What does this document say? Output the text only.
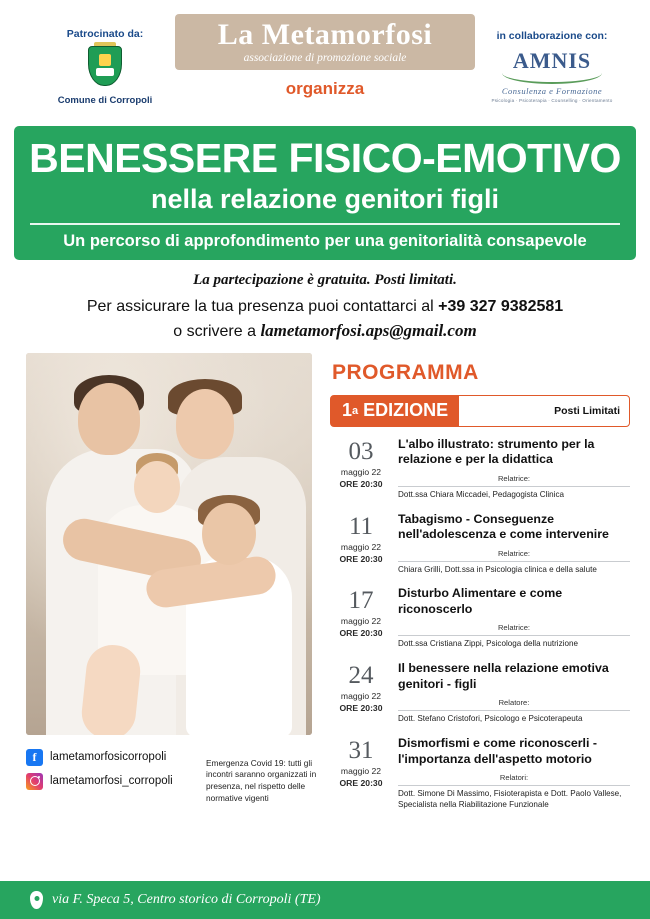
Patrocinato da:
Comune di Corropoli
La Metamorfosi
associazione di promozione sociale
organizza
in collaborazione con:
AMNIS
Consulenza e Formazione
Psicologia · Psicoterapia · Counselling · Orientamento
BENESSERE FISICO-EMOTIVO
nella relazione genitori figli
Un percorso di approfondimento per una genitorialità consapevole
La partecipazione è gratuita. Posti limitati.
Per assicurare la tua presenza puoi contattarci al +39 327 9382581
o scrivere a lametamorfosi.aps@gmail.com
f	lametamorfosicorropoli
lametamorfosi_corropoli
Emergenza Covid 19: tutti gli incontri saranno organizzati in presenza, nel rispetto delle normative vigenti
PROGRAMMA
1 a
EDIZIONE	Posti Limitati
03
maggio 22
ORE 20:30
L'albo illustrato: strumento per la relazione e per la didattica
Relatrice:
Dott.ssa Chiara Miccadei, Pedagogista Clinica
11
maggio 22
ORE 20:30
Tabagismo - Conseguenze nell'adolescenza e come intervenire
Relatrice:
Chiara Grilli, Dott.ssa in Psicologia clinica e della salute
17
maggio 22
ORE 20:30
Disturbo Alimentare e come riconoscerlo
Relatrice:
Dott.ssa Cristiana Zippi, Psicologa della nutrizione
24
maggio 22
ORE 20:30
Il benessere nella relazione emotiva genitori - figli
Relatore:
Dott. Stefano Cristofori, Psicologo e Psicoterapeuta
31
maggio 22
ORE 20:30
Dismorfismi e come riconoscerli - l'importanza dell'aspetto motorio
Relatori:
Dott. Simone Di Massimo, Fisioterapista e Dott. Paolo Vallese, Specialista nella Riabilitazione Funzionale
via F. Speca 5, Centro storico di Corropoli (TE)
